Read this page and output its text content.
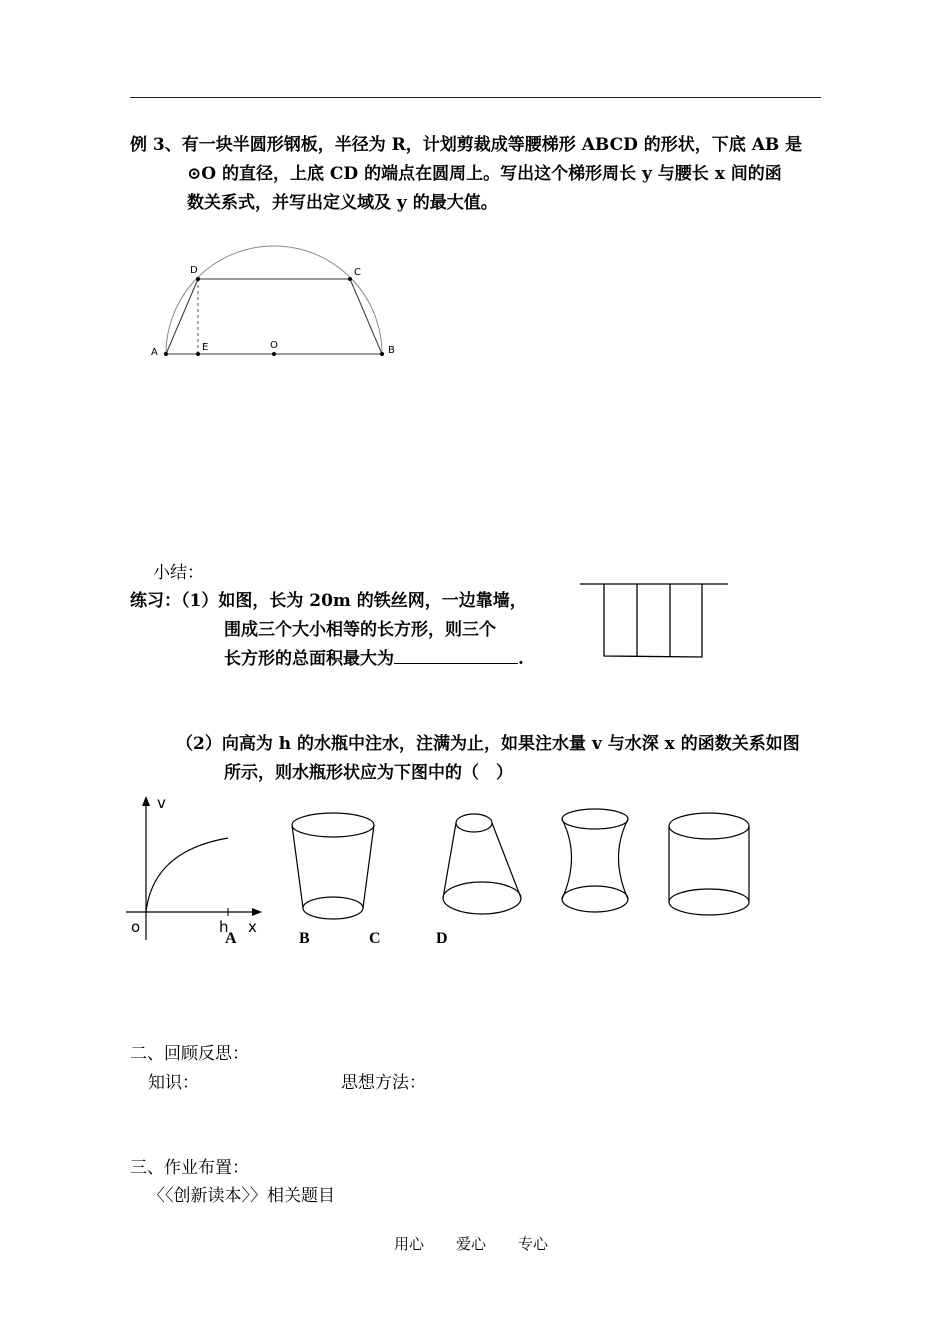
例 3、有一块半圆形钢板，半径为 R，计划剪裁成等腰梯形 ABCD 的形状，下底 AB 是
⊙O 的直径，上底 CD 的端点在圆周上。写出这个梯形周长 y 与腰长 x 间的函
数关系式，并写出定义域及 y 的最大值。
A	E	O	B
D	C
小结：
练习：（1）如图，长为 20m 的铁丝网，一边靠墙，
围成三个大小相等的长方形，则三个
长方形的总面积最大为	.
（2）向高为 h 的水瓶中注水，注满为止，如果注水量 v 与水深 x 的函数关系如图
所示，则水瓶形状应为下图中的（　）
v
x
o	h
A	B	C	D
二、回顾反思：
知识：	思想方法：
三、作业布置：
〈〈创新读本〉〉相关题目
用心 爱心 专心
